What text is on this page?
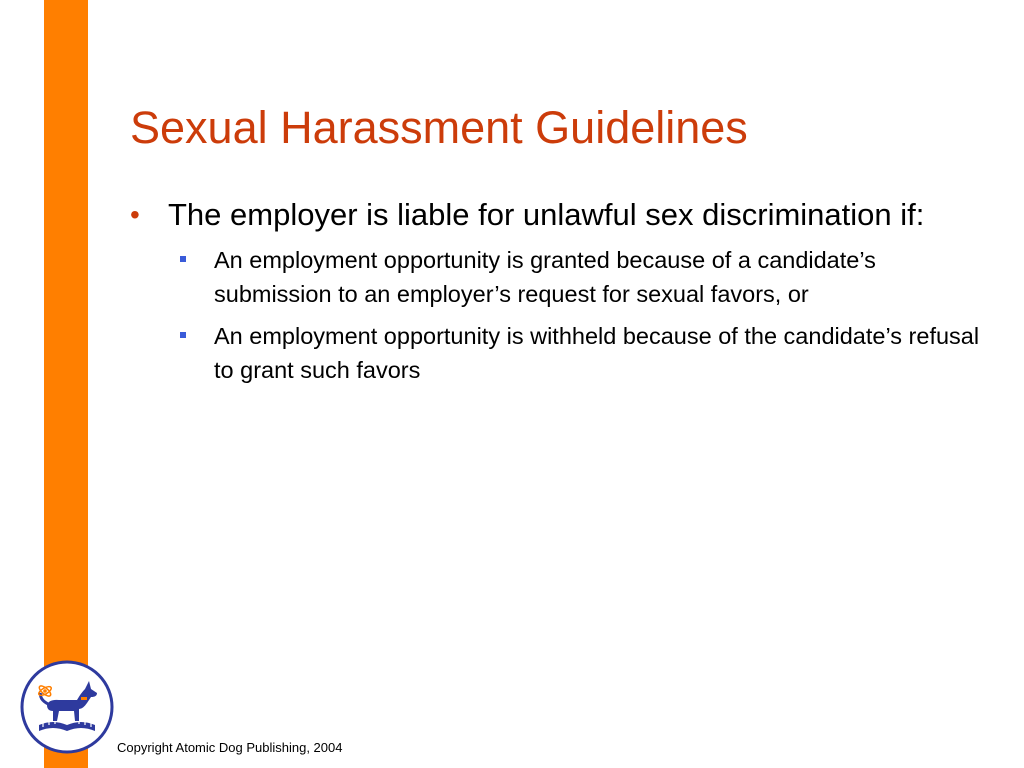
Sexual Harassment Guidelines
• The employer is liable for unlawful sex discrimination if:
An employment opportunity is granted because of a candidate’s submission to an employer’s request for sexual favors, or
An employment opportunity is withheld because of the candidate’s refusal to grant such favors
Copyright Atomic Dog Publishing, 2004
